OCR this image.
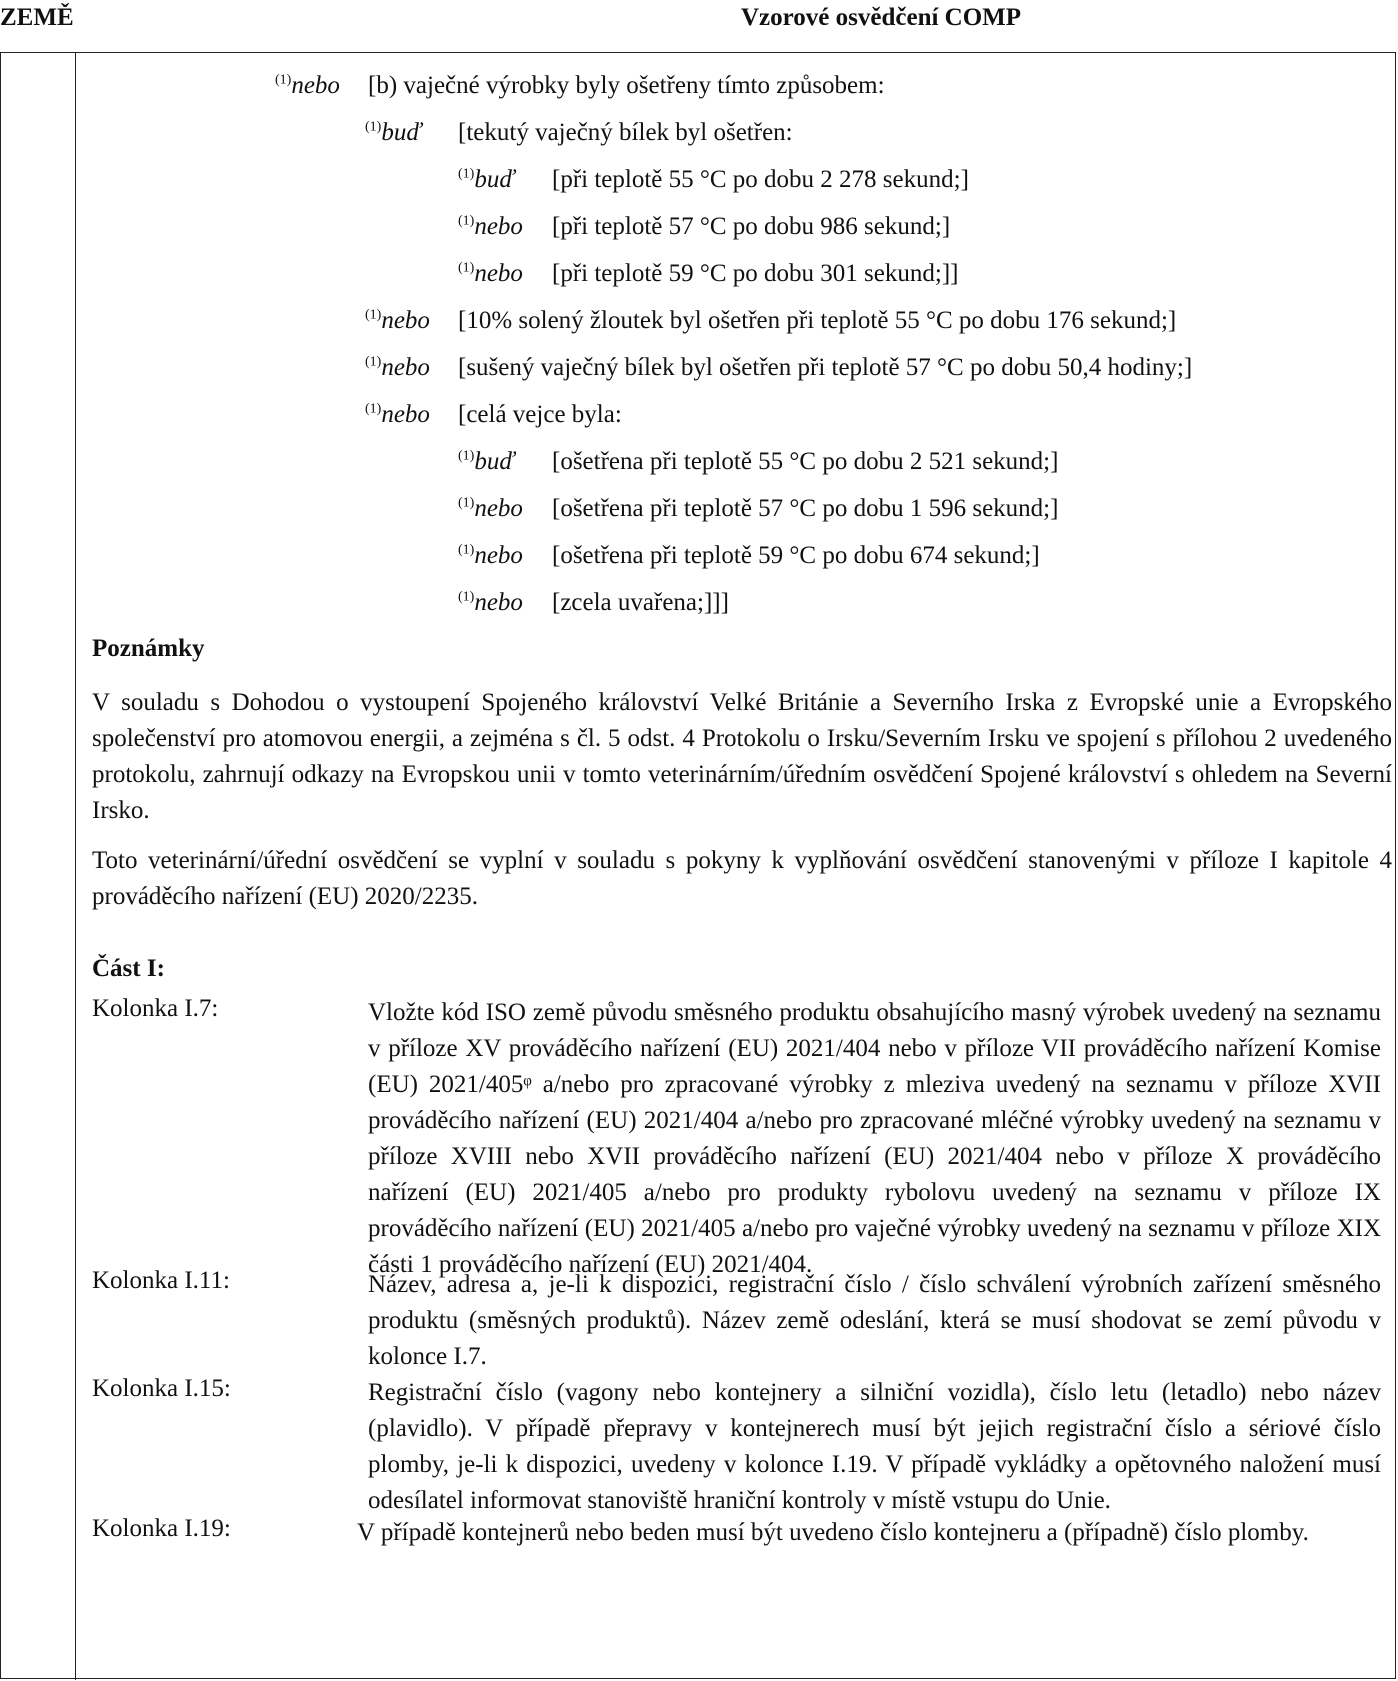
ZEMĚ	Vzorové osvědčení COMP
$^{(1)}$nebo [b) vaječné výrobky byly ošetřeny tímto způsobem:
$^{(1)}$buď [tekutý vaječný bílek byl ošetřen:
$^{(1)}$buď [při teplotě 55 °C po dobu 2 278 sekund;]
$^{(1)}$nebo [při teplotě 57 °C po dobu 986 sekund;]
$^{(1)}$nebo [při teplotě 59 °C po dobu 301 sekund;]]
$^{(1)}$nebo [10% solený žloutek byl ošetřen při teplotě 55 °C po dobu 176 sekund;]
$^{(1)}$nebo [sušený vaječný bílek byl ošetřen při teplotě 57 °C po dobu 50,4 hodiny;]
$^{(1)}$nebo [celá vejce byla:
$^{(1)}$buď [ošetřena při teplotě 55 °C po dobu 2 521 sekund;]
$^{(1)}$nebo [ošetřena při teplotě 57 °C po dobu 1 596 sekund;]
$^{(1)}$nebo [ošetřena při teplotě 59 °C po dobu 674 sekund;]
$^{(1)}$nebo [zcela uvařena;]]]
Poznámky
V souladu s Dohodou o vystoupení Spojeného království Velké Británie a Severního Irska z Evropské unie a Evropského společenství pro atomovou energii, a zejména s čl. 5 odst. 4 Protokolu o Irsku/Severním Irsku ve spojení s přílohou 2 uvedeného protokolu, zahrnují odkazy na Evropskou unii v tomto veterinárním/úředním osvědčení Spojené království s ohledem na Severní Irsko.
Toto veterinární/úřední osvědčení se vyplní v souladu s pokyny k vyplňování osvědčení stanovenými v příloze I kapitole 4 prováděcího nařízení (EU) 2020/2235.
Část I:
Kolonka I.7:	Vložte kód ISO země původu směsného produktu obsahujícího masný výrobek uvedený na seznamu v příloze XV prováděcího nařízení (EU) 2021/404 nebo v příloze VII prováděcího nařízení Komise (EU) 2021/405ᵠ a/nebo pro zpracované výrobky z mleziva uvedený na seznamu v příloze XVII prováděcího nařízení (EU) 2021/404 a/nebo pro zpracované mléčné výrobky uvedený na seznamu v příloze XVIII nebo XVII prováděcího nařízení (EU) 2021/404 nebo v příloze X prováděcího nařízení (EU) 2021/405 a/nebo pro produkty rybolovu uvedený na seznamu v příloze IX prováděcího nařízení (EU) 2021/405 a/nebo pro vaječné výrobky uvedený na seznamu v příloze XIX části 1 prováděcího nařízení (EU) 2021/404.
Kolonka I.11:	Název, adresa a, je-li k dispozici, registrační číslo / číslo schválení výrobních zařízení směsného produktu (směsných produktů). Název země odeslání, která se musí shodovat se zemí původu v kolonce I.7.
Kolonka I.15:	Registrační číslo (vagony nebo kontejnery a silniční vozidla), číslo letu (letadlo) nebo název (plavidlo). V případě přepravy v kontejnerech musí být jejich registrační číslo a sériové číslo plomby, je-li k dispozici, uvedeny v kolonce I.19. V případě vykládky a opětovného naložení musí odesílatel informovat stanoviště hraniční kontroly v místě vstupu do Unie.
Kolonka I.19:	V případě kontejnerů nebo beden musí být uvedeno číslo kontejneru a (případně) číslo plomby.
